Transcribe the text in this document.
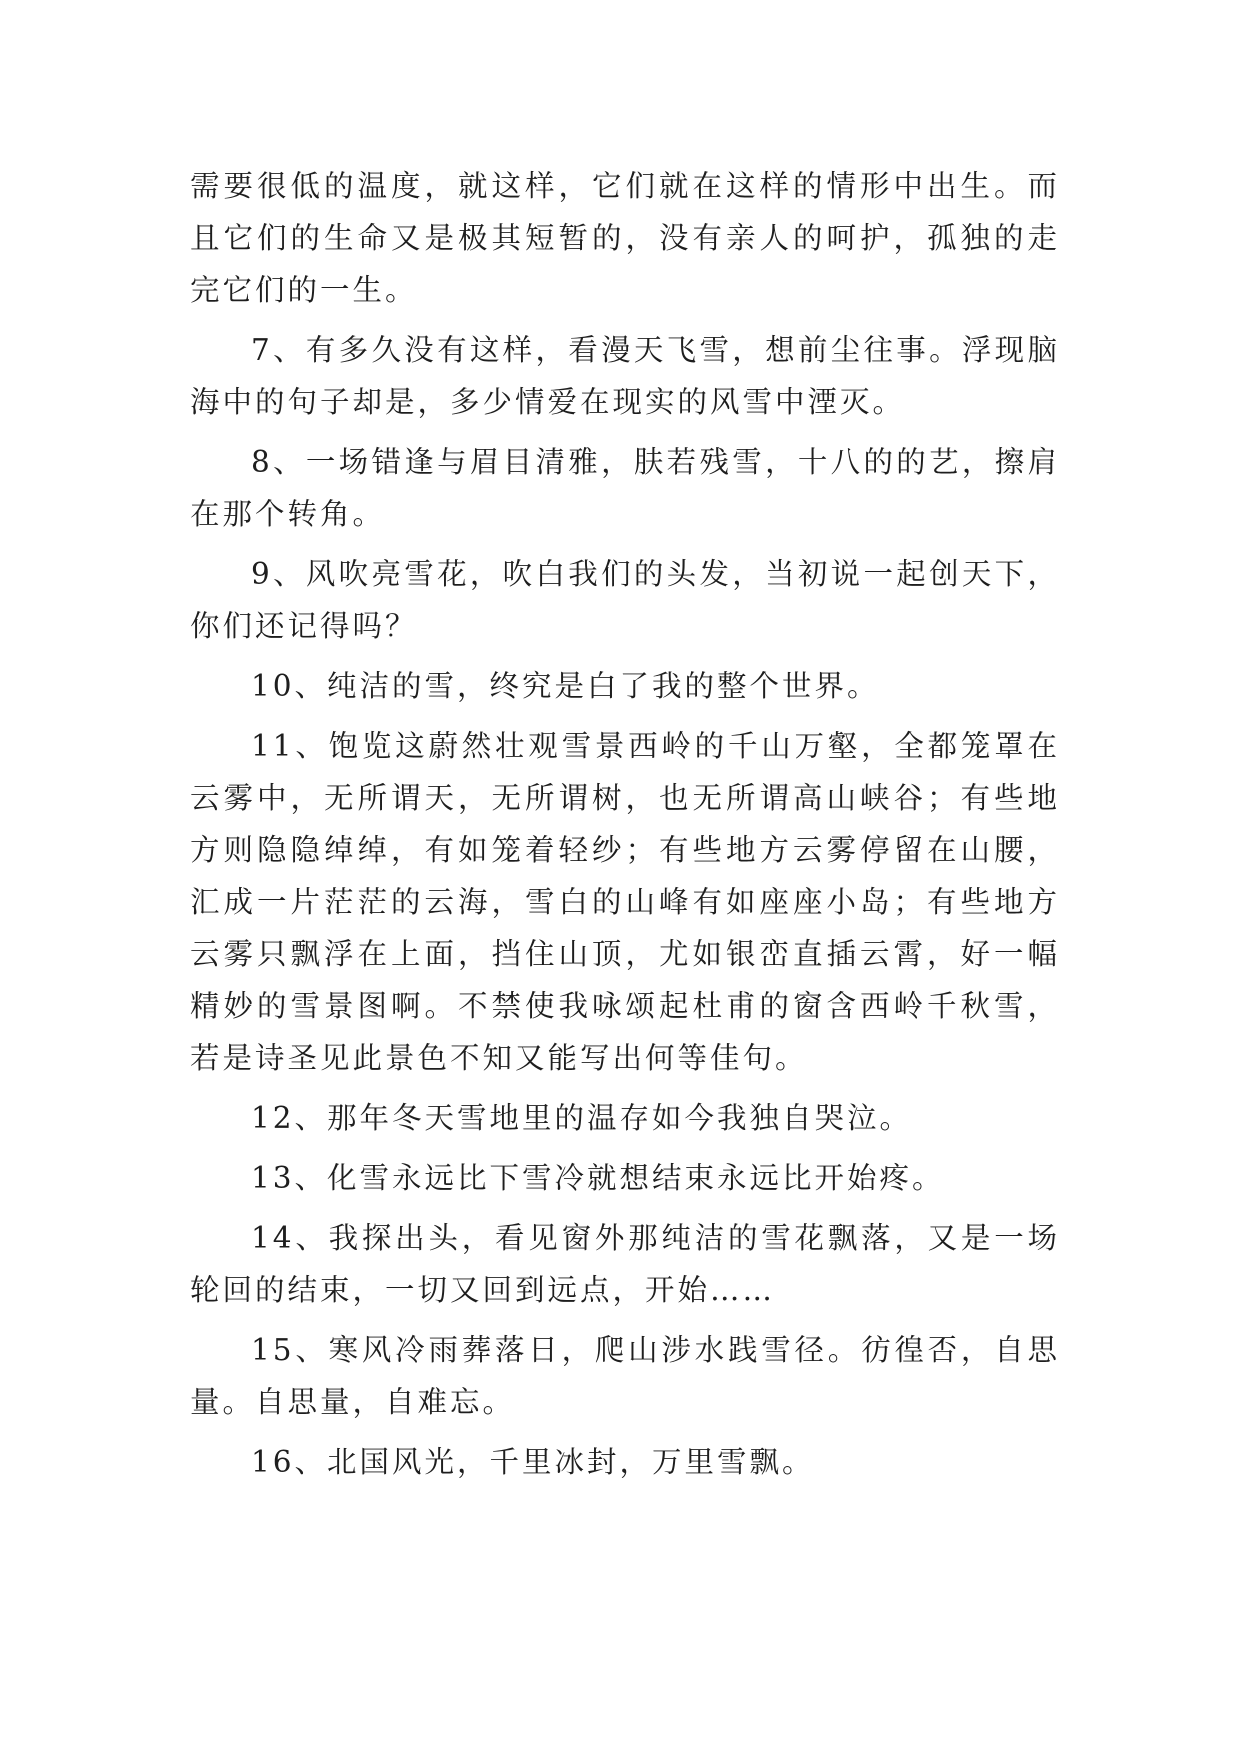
需要很低的温度，就这样，它们就在这样的情形中出生。而且它们的生命又是极其短暂的，没有亲人的呵护，孤独的走完它们的一生。

7、有多久没有这样，看漫天飞雪，想前尘往事。浮现脑海中的句子却是，多少情爱在现实的风雪中湮灭。

8、一场错逢与眉目清雅，肤若残雪，十八的的艺，擦肩在那个转角。

9、风吹亮雪花，吹白我们的头发，当初说一起创天下，你们还记得吗？

10、纯洁的雪，终究是白了我的整个世界。

11、饱览这蔚然壮观雪景西岭的千山万壑，全都笼罩在云雾中，无所谓天，无所谓树，也无所谓高山峡谷；有些地方则隐隐绰绰，有如笼着轻纱；有些地方云雾停留在山腰，汇成一片茫茫的云海，雪白的山峰有如座座小岛；有些地方云雾只飘浮在上面，挡住山顶，尤如银峦直插云霄，好一幅精妙的雪景图啊。不禁使我咏颂起杜甫的窗含西岭千秋雪，若是诗圣见此景色不知又能写出何等佳句。

12、那年冬天雪地里的温存如今我独自哭泣。

13、化雪永远比下雪冷就想结束永远比开始疼。

14、我探出头，看见窗外那纯洁的雪花飘落，又是一场轮回的结束，一切又回到远点，开始……

15、寒风冷雨葬落日，爬山涉水践雪径。彷徨否，自思量。自思量，自难忘。

16、北国风光，千里冰封，万里雪飘。
